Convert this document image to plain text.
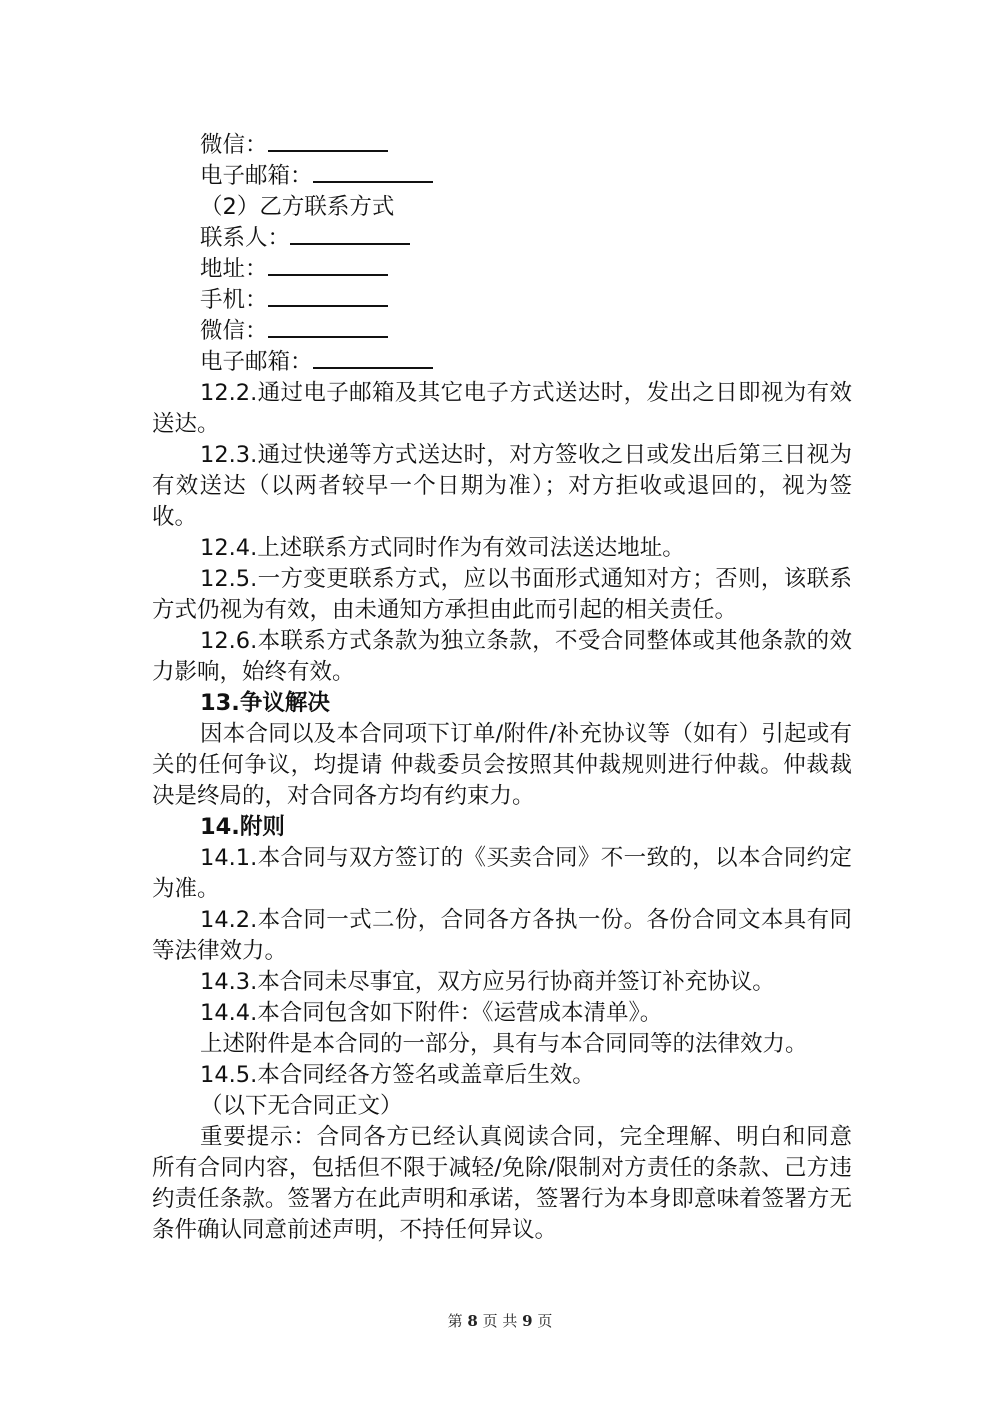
微信：
电子邮箱：
（2）乙方联系方式
联系人：
地址：
手机：
微信：
电子邮箱：
12.2.通过电子邮箱及其它电子方式送达时，发出之日即视为有效送达。
12.3.通过快递等方式送达时，对方签收之日或发出后第三日视为有效送达（以两者较早一个日期为准）；对方拒收或退回的，视为签收。
12.4.上述联系方式同时作为有效司法送达地址。
12.5.一方变更联系方式，应以书面形式通知对方；否则，该联系方式仍视为有效，由未通知方承担由此而引起的相关责任。
12.6.本联系方式条款为独立条款，不受合同整体或其他条款的效力影响，始终有效。
13.争议解决
因本合同以及本合同项下订单/附件/补充协议等（如有）引起或有关的任何争议，均提请 仲裁委员会按照其仲裁规则进行仲裁。仲裁裁决是终局的，对合同各方均有约束力。
14.附则
14.1.本合同与双方签订的《买卖合同》不一致的，以本合同约定为准。
14.2.本合同一式二份，合同各方各执一份。各份合同文本具有同等法律效力。
14.3.本合同未尽事宜，双方应另行协商并签订补充协议。
14.4.本合同包含如下附件：《运营成本清单》。
上述附件是本合同的一部分，具有与本合同同等的法律效力。
14.5.本合同经各方签名或盖章后生效。
（以下无合同正文）
重要提示：合同各方已经认真阅读合同，完全理解、明白和同意所有合同内容，包括但不限于减轻/免除/限制对方责任的条款、己方违约责任条款。签署方在此声明和承诺，签署行为本身即意味着签署方无条件确认同意前述声明，不持任何异议。
第 8 页 共 9 页
